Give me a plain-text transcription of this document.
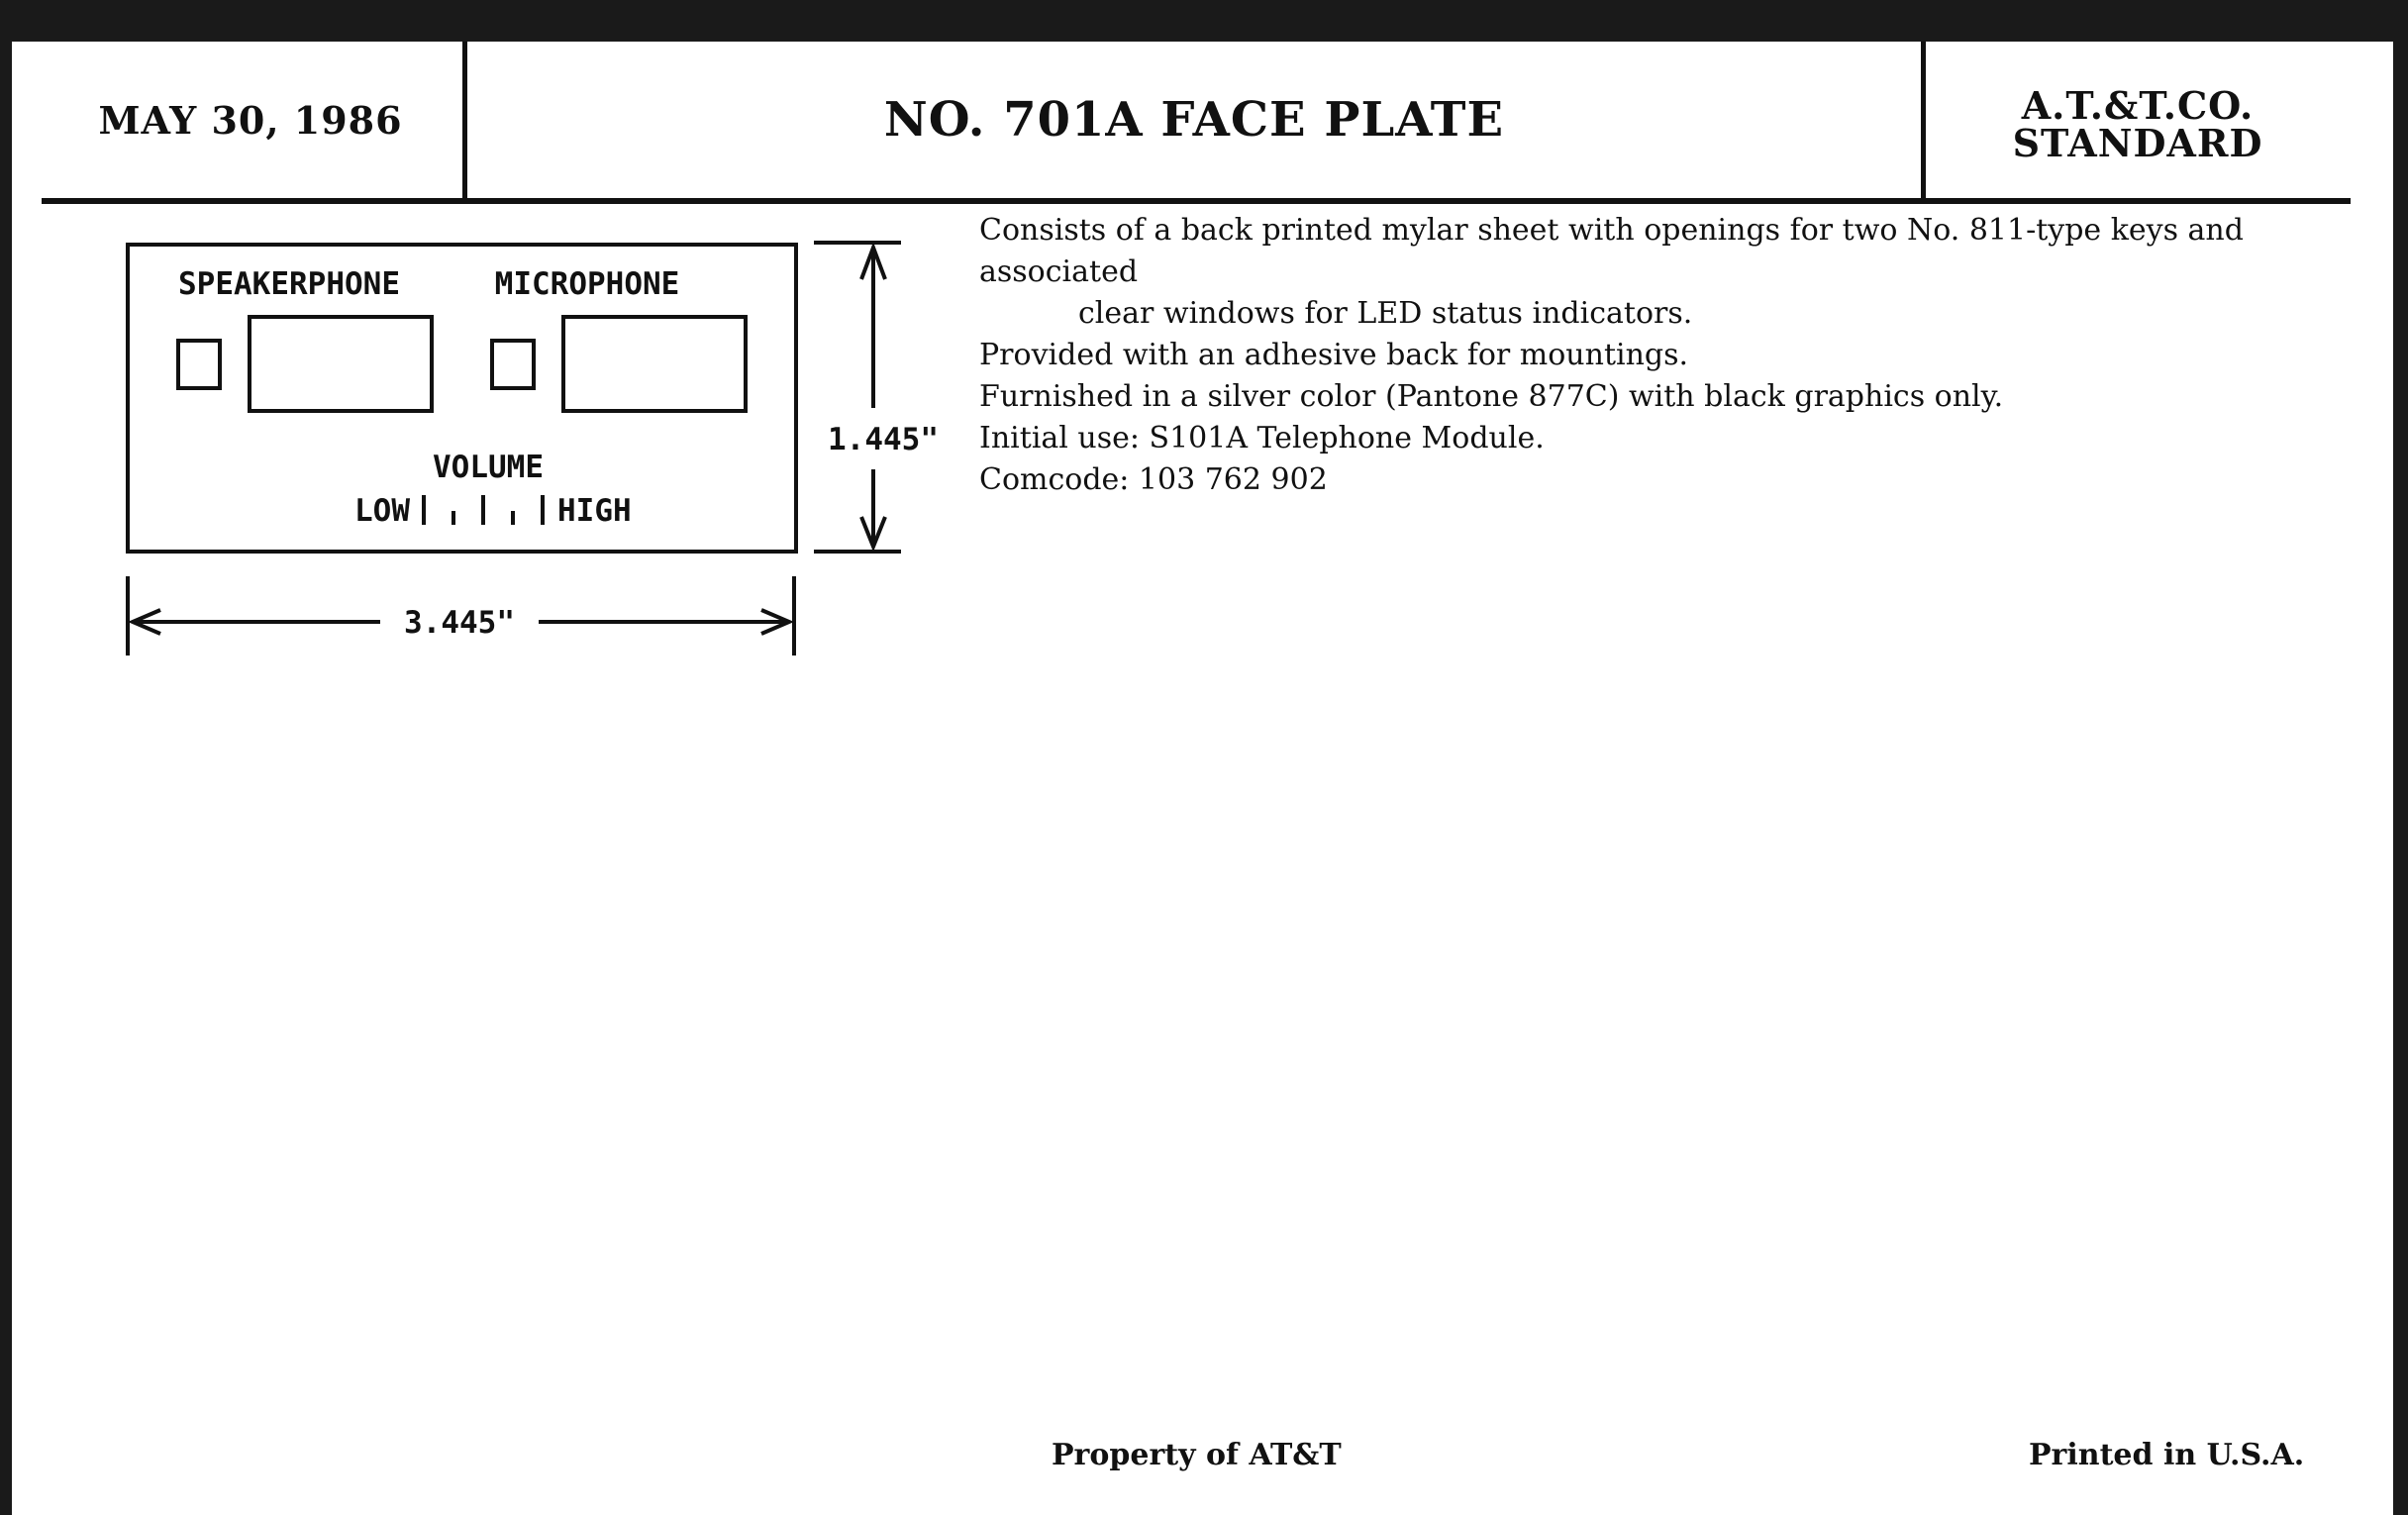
MAY 30, 1986	NO. 701A FACE PLATE	A.T.&T.CO.
STANDARD
SPEAKERPHONE	MICROPHONE
VOLUME
LOW	HIGH
1.445"
3.445"

Consists of a back printed mylar sheet with openings for two No. 811-type keys and associated

clear windows for LED status indicators.

Provided with an adhesive back for mountings.

Furnished in a silver color (Pantone 877C) with black graphics only.

Initial use: S101A Telephone Module.

Comcode: 103 762 902

Property of AT&T	Printed in U.S.A.
